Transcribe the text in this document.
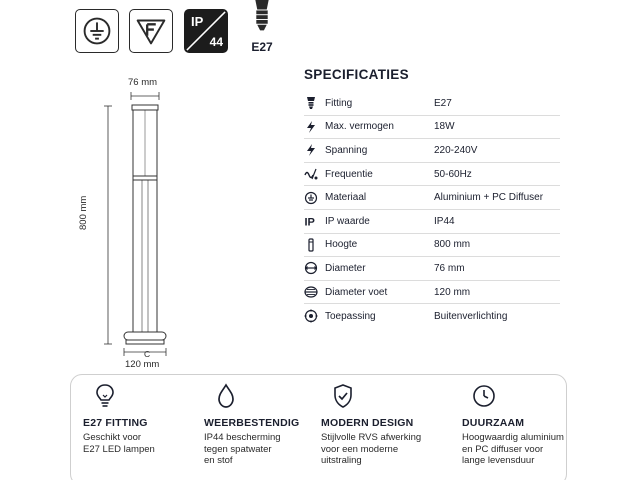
IP
44	E27
76 mm
800 mm
C
120 mm
SPECIFICATIES
Fitting	E27
Max. vermogen	18W
Spanning	220-240V
Frequentie	50-60Hz
Materiaal	Aluminium + PC Diffuser
IP IP waarde	IP44
Hoogte	800 mm
Diameter	76 mm
Diameter voet	120 mm
Toepassing	Buitenverlichting
E27 FITTING
Geschikt voor
E27 LED lampen
WEERBESTENDIG
IP44 bescherming
tegen spatwater
en stof
MODERN DESIGN
Stijlvolle RVS afwerking
voor een moderne
uitstraling
DUURZAAM
Hoogwaardig aluminium
en PC diffuser voor
lange levensduur
